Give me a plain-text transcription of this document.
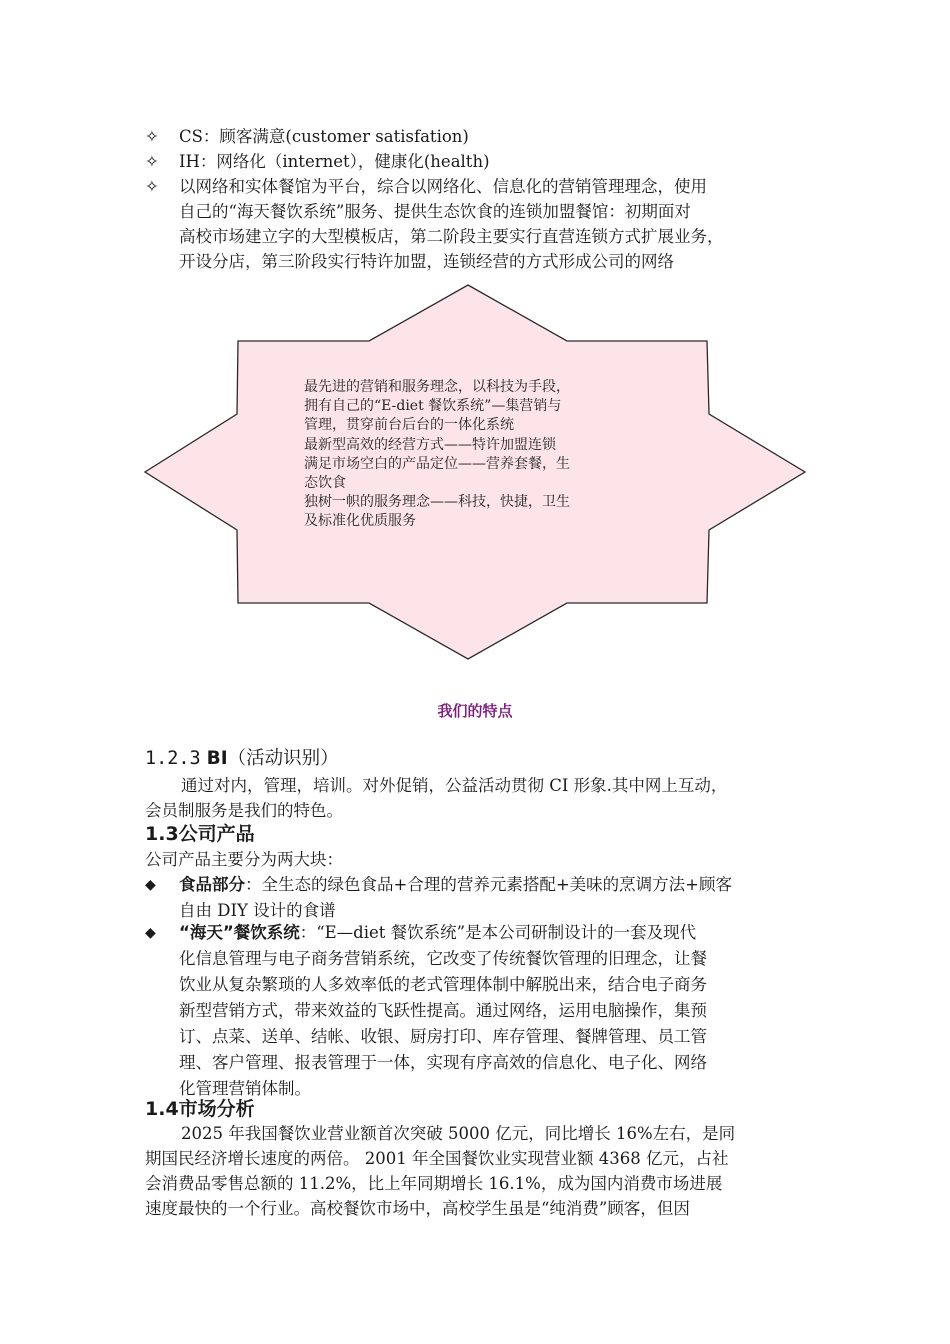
✧	CS：顾客满意(customer satisfation)
✧	IH：网络化（internet），健康化(health)
✧	以网络和实体餐馆为平台，综合以网络化、信息化的营销管理理念，使用
自己的“海天餐饮系统”服务、提供生态饮食的连锁加盟餐馆：初期面对
高校市场建立字的大型模板店，第二阶段主要实行直营连锁方式扩展业务，
开设分店，第三阶段实行特许加盟，连锁经营的方式形成公司的网络
最先进的营销和服务理念，以科技为手段，
拥有自己的“E-diet 餐饮系统”—集营销与
管理，贯穿前台后台的一体化系统
最新型高效的经营方式——特许加盟连锁
满足市场空白的产品定位——营养套餐，生
态饮食
独树一帜的服务理念——科技，快捷，卫生
及标准化优质服务
我们的特点
1.2.3 BI（活动识别）
通过对内，管理，培训。对外促销，公益活动贯彻 CI 形象.其中网上互动，
会员制服务是我们的特色。
1.3公司产品
公司产品主要分为两大块：
◆ 食品部分：全生态的绿色食品+合理的营养元素搭配+美味的烹调方法+顾客
自由 DIY 设计的食谱
◆ “海天”餐饮系统：“E—diet 餐饮系统”是本公司研制设计的一套及现代
化信息管理与电子商务营销系统，它改变了传统餐饮管理的旧理念，让餐
饮业从复杂繁琐的人多效率低的老式管理体制中解脱出来，结合电子商务
新型营销方式，带来效益的飞跃性提高。通过网络，运用电脑操作，集预
订、点菜、送单、结帐、收银、厨房打印、库存管理、餐牌管理、员工管
理、客户管理、报表管理于一体，实现有序高效的信息化、电子化、网络
化管理营销体制。
1.4市场分析
2025 年我国餐饮业营业额首次突破 5000 亿元，同比增长 16%左右，是同
期国民经济增长速度的两倍。 2001 年全国餐饮业实现营业额 4368 亿元，占社
会消费品零售总额的 11.2%，比上年同期增长 16.1%，成为国内消费市场进展
速度最快的一个行业。高校餐饮市场中，高校学生虽是“纯消费”顾客，但因
